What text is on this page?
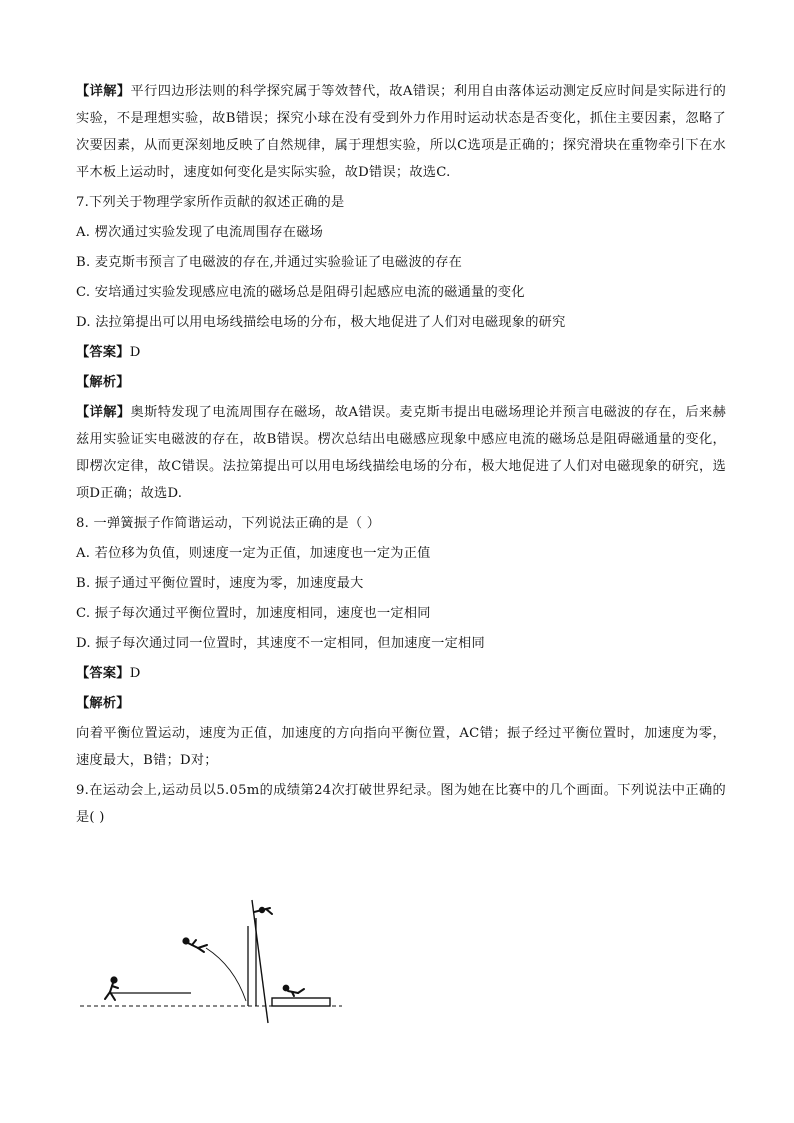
【详解】平行四边形法则的科学探究属于等效替代，故A错误；利用自由落体运动测定反应时间是实际进行的实验，不是理想实验，故B错误；探究小球在没有受到外力作用时运动状态是否变化，抓住主要因素，忽略了次要因素，从而更深刻地反映了自然规律，属于理想实验，所以C选项是正确的；探究滑块在重物牵引下在水平木板上运动时，速度如何变化是实际实验，故D错误；故选C.

7.下列关于物理学家所作贡献的叙述正确的是

A. 楞次通过实验发现了电流周围存在磁场

B. 麦克斯韦预言了电磁波的存在,并通过实验验证了电磁波的存在

C. 安培通过实验发现感应电流的磁场总是阻碍引起感应电流的磁通量的变化

D. 法拉第提出可以用电场线描绘电场的分布，极大地促进了人们对电磁现象的研究

【答案】D

【解析】

【详解】奥斯特发现了电流周围存在磁场，故A错误。麦克斯韦提出电磁场理论并预言电磁波的存在，后来赫兹用实验证实电磁波的存在，故B错误。楞次总结出电磁感应现象中感应电流的磁场总是阻碍磁通量的变化，即楞次定律，故C错误。法拉第提出可以用电场线描绘电场的分布，极大地促进了人们对电磁现象的研究，选项D正确；故选D.

8. 一弹簧振子作简谐运动，下列说法正确的是（ ）

A. 若位移为负值，则速度一定为正值，加速度也一定为正值

B. 振子通过平衡位置时，速度为零，加速度最大

C. 振子每次通过平衡位置时，加速度相同，速度也一定相同

D. 振子每次通过同一位置时，其速度不一定相同，但加速度一定相同

【答案】D

【解析】

向着平衡位置运动，速度为正值，加速度的方向指向平衡位置，AC错；振子经过平衡位置时，加速度为零，速度最大，B错；D对；

9.在运动会上,运动员以5.05m的成绩第24次打破世界纪录。图为她在比赛中的几个画面。下列说法中正确的是( )
